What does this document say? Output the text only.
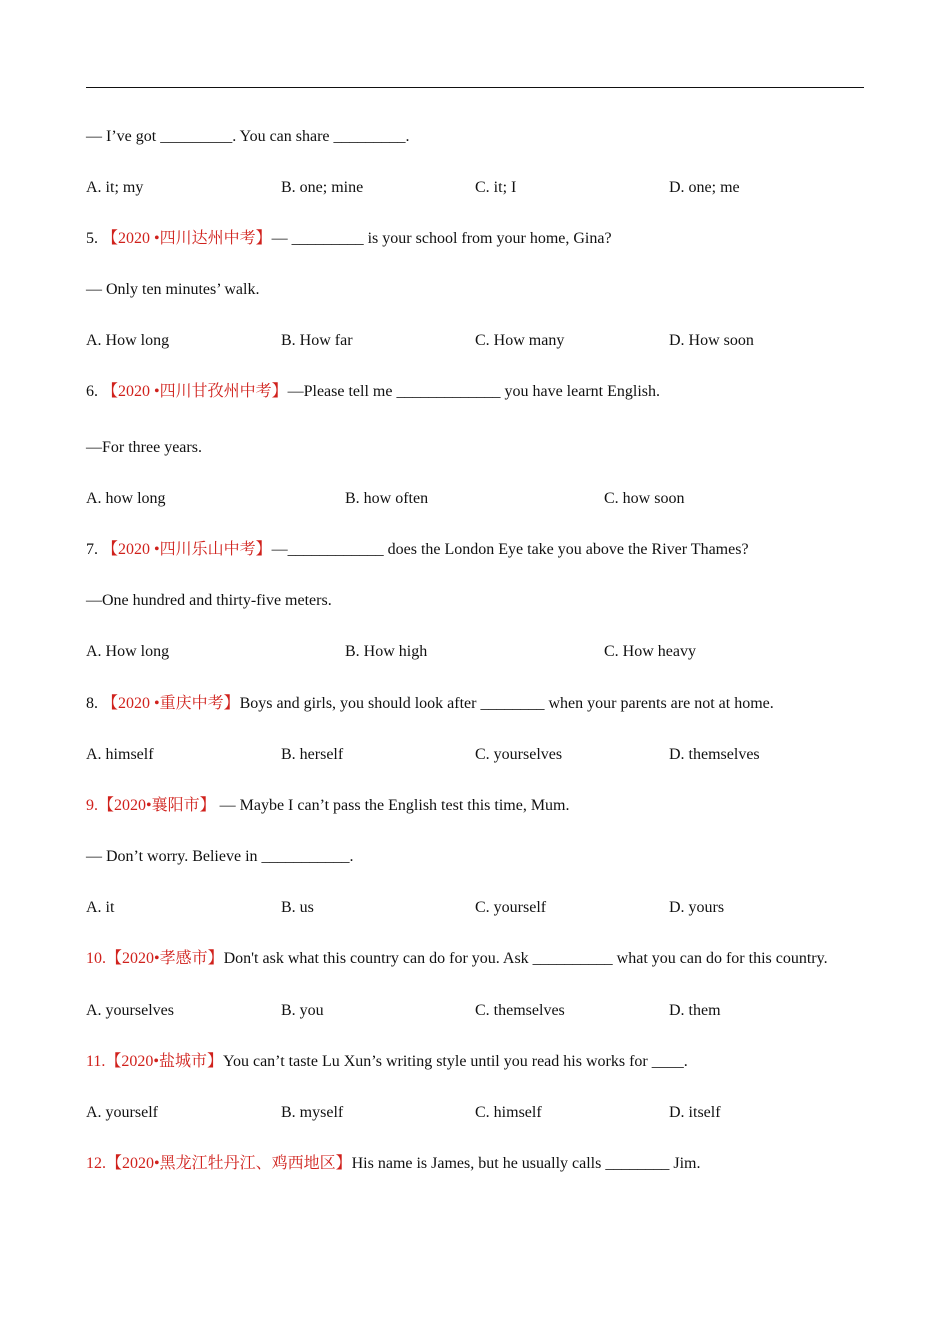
— I’ve got _________. You can share _________.
A. it; my	B. one; mine	C. it; I	D. one; me
5. 【2020 •四川达州中考】— _________ is your school from your home, Gina?
— Only ten minutes’ walk.
A. How long	B. How far	C. How many	D. How soon
6. 【2020 •四川甘孜州中考】—Please tell me _____________ you have learnt English.
—For three years.
A. how long	B. how often	C. how soon
7. 【2020 •四川乐山中考】—____________ does the London Eye take you above the River Thames?
—One hundred and thirty-five meters.
A. How long	B. How high	C. How heavy
8. 【2020 •重庆中考】Boys and girls, you should look after ________ when your parents are not at home.
A. himself	B. herself	C. yourselves	D. themselves
9.【2020•襄阳市】 — Maybe I can’t pass the English test this time, Mum.
— Don’t worry. Believe in ___________.
A. it	B. us	C. yourself	D. yours
10.【2020•孝感市】Don't ask what this country can do for you. Ask __________ what you can do for this country.
A. yourselves	B. you	C. themselves	D. them
11.【2020•盐城市】You can’t taste Lu Xun’s writing style until you read his works for ____.
A. yourself	B. myself	C. himself	D. itself
12.【2020•黑龙江牡丹江、鸡西地区】His name is James, but he usually calls ________ Jim.
